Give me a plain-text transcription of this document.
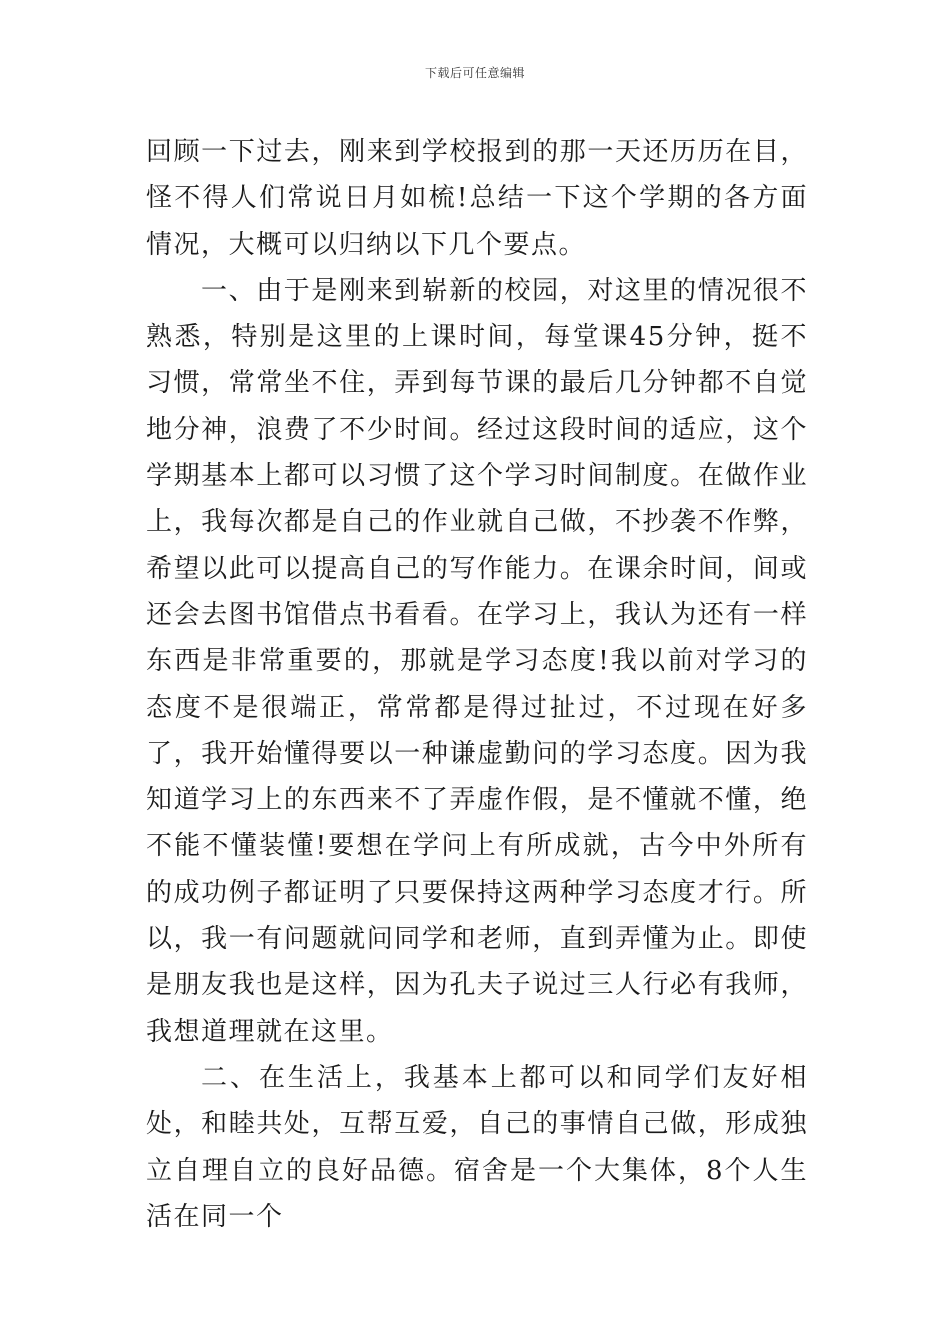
下载后可任意编辑

回顾一下过去，刚来到学校报到的那一天还历历在目，怪不得人们常说日月如梳!总结一下这个学期的各方面情况，大概可以归纳以下几个要点。

一、由于是刚来到崭新的校园，对这里的情况很不熟悉，特别是这里的上课时间，每堂课45分钟，挺不习惯，常常坐不住，弄到每节课的最后几分钟都不自觉地分神，浪费了不少时间。经过这段时间的适应，这个学期基本上都可以习惯了这个学习时间制度。在做作业上，我每次都是自己的作业就自己做，不抄袭不作弊，希望以此可以提高自己的写作能力。在课余时间，间或还会去图书馆借点书看看。在学习上，我认为还有一样东西是非常重要的，那就是学习态度!我以前对学习的态度不是很端正，常常都是得过扯过，不过现在好多了，我开始懂得要以一种谦虚勤问的学习态度。因为我知道学习上的东西来不了弄虚作假，是不懂就不懂，绝不能不懂装懂!要想在学问上有所成就，古今中外所有的成功例子都证明了只要保持这两种学习态度才行。所以，我一有问题就问同学和老师，直到弄懂为止。即使是朋友我也是这样，因为孔夫子说过三人行必有我师，我想道理就在这里。

二、在生活上，我基本上都可以和同学们友好相处，和睦共处，互帮互爱，自己的事情自己做，形成独立自理自立的良好品德。宿舍是一个大集体，8个人生活在同一个
